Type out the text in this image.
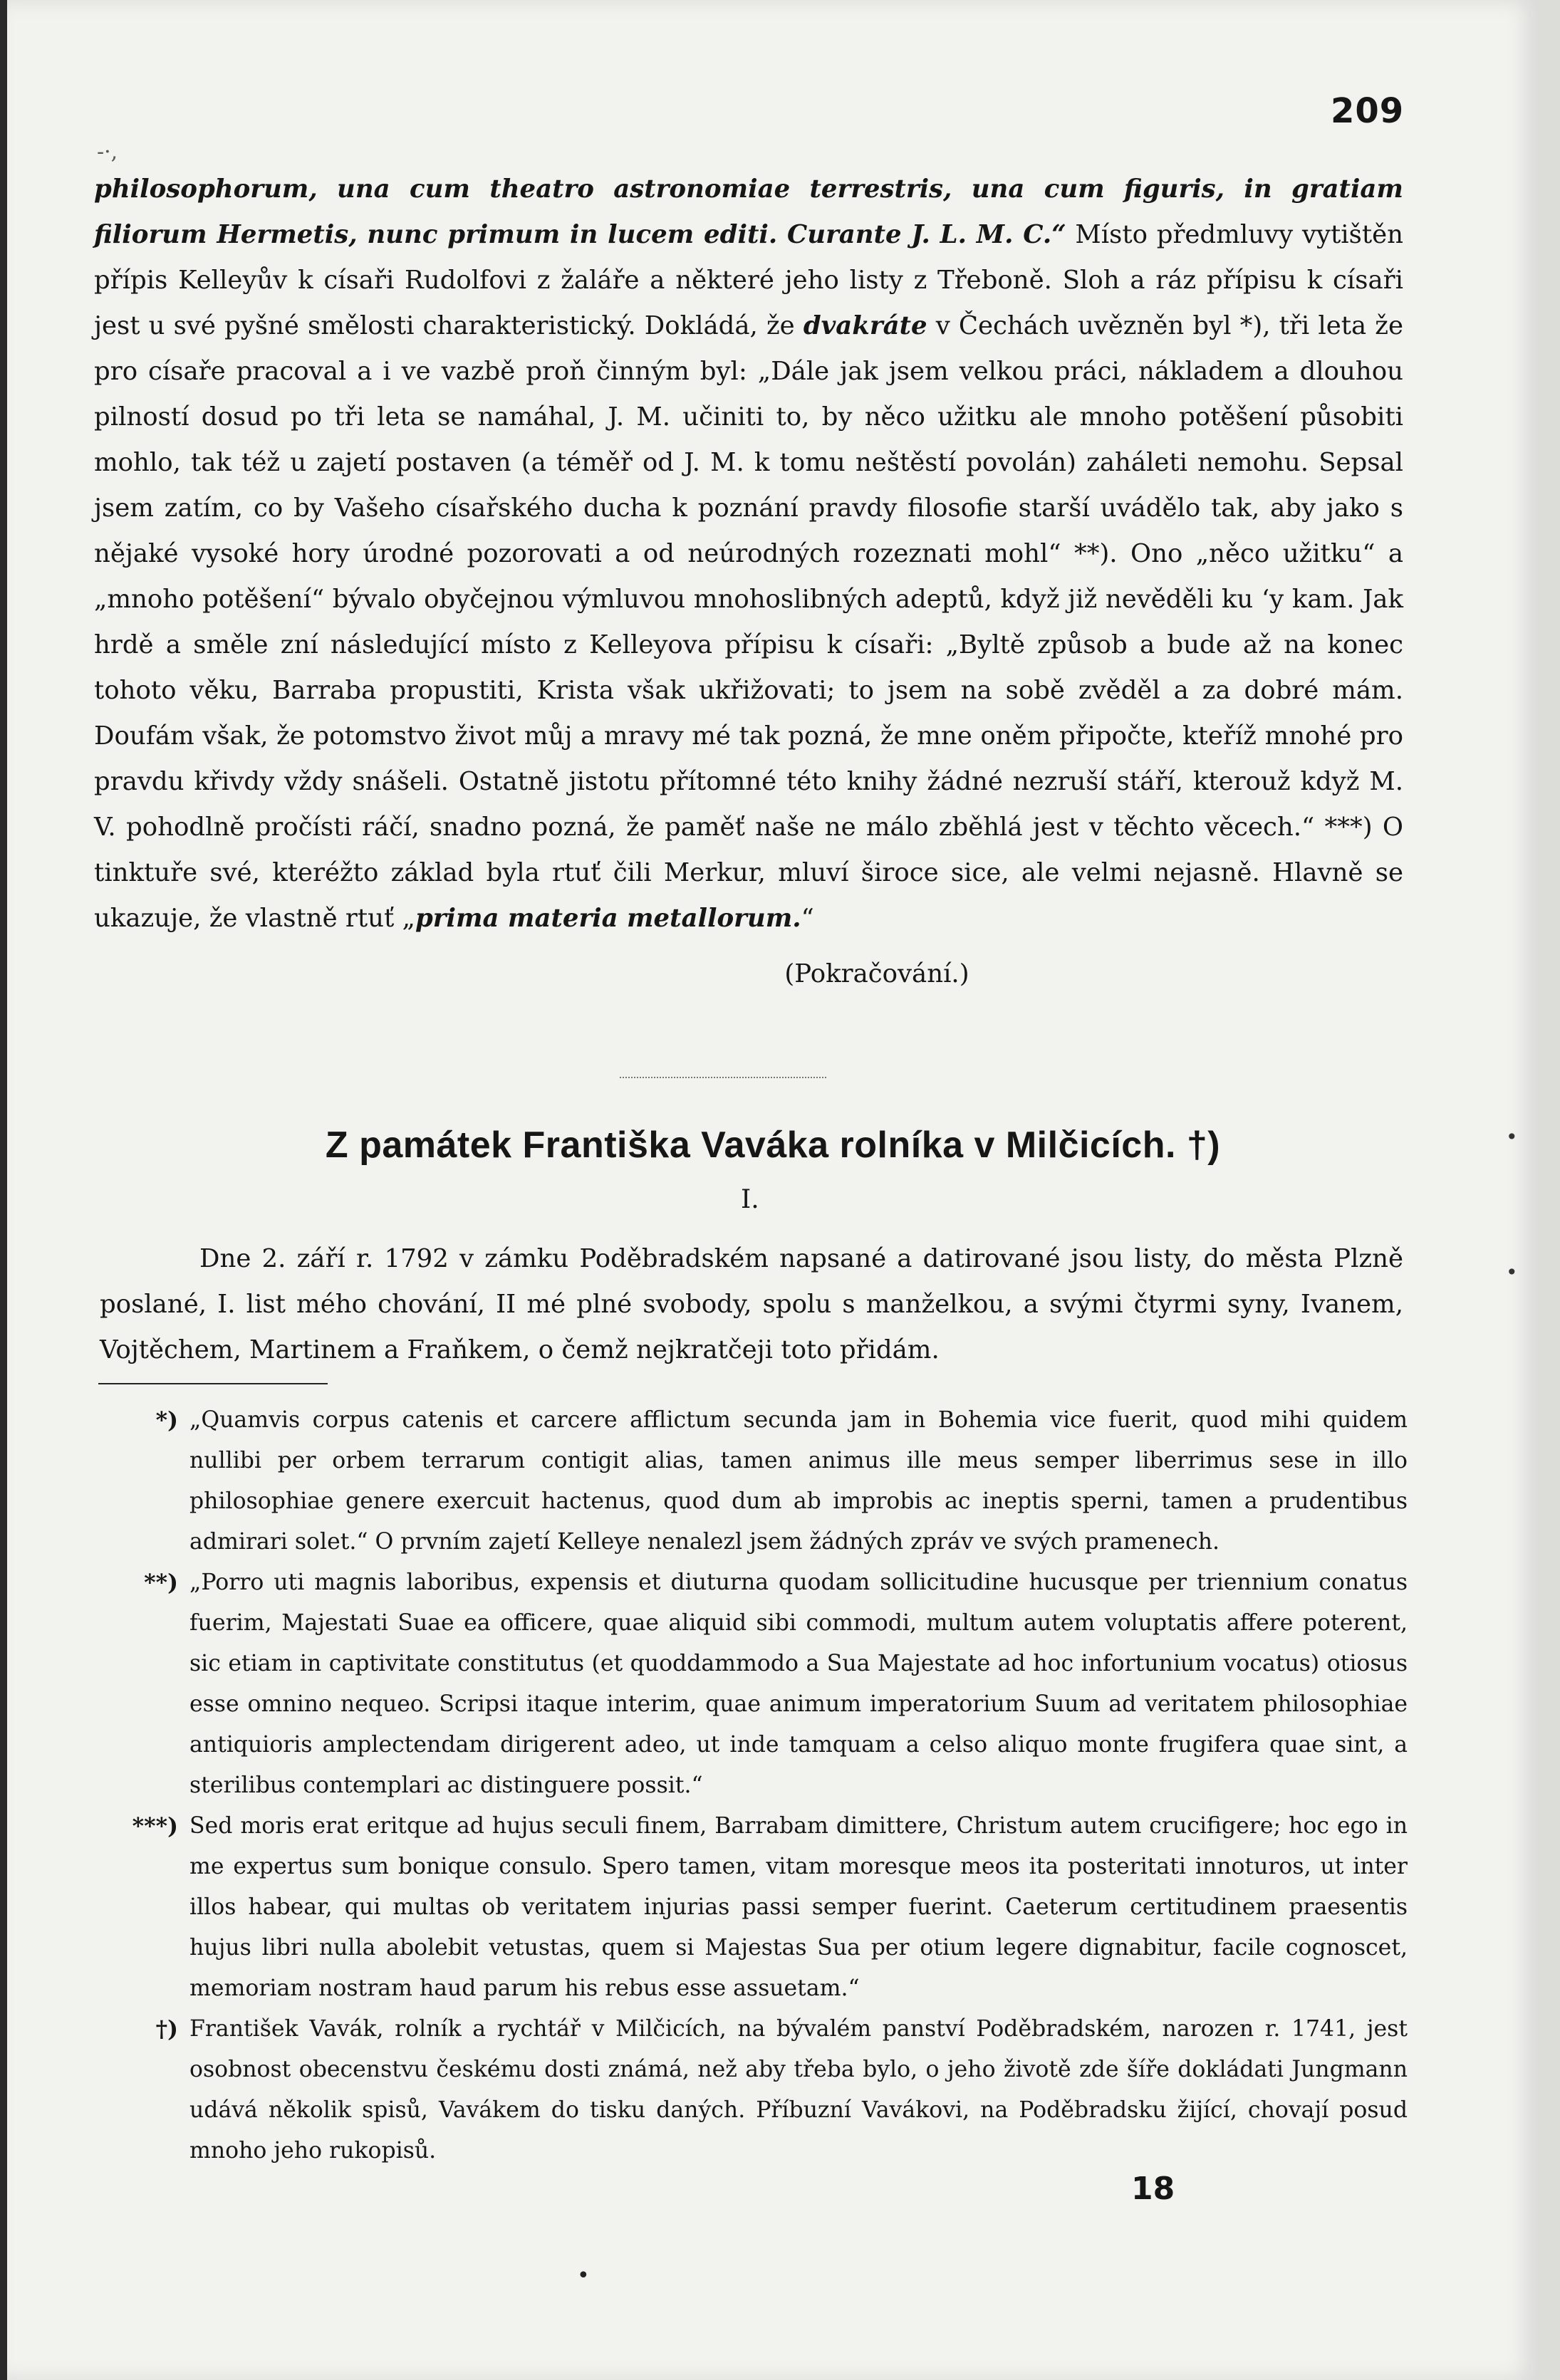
209
-·,

philosophorum, una cum theatro astronomiae terrestris, una cum figuris, in gratiam filiorum Hermetis, nunc primum in lucem editi. Curante J. L. M. C.“ Místo předmluvy vytištěn přípis Kelleyův k císaři Rudolfovi z žaláře a některé jeho listy z Třeboně. Sloh a ráz přípisu k císaři jest u své pyšné smělosti charakteristický. Dokládá, že dvakráte v Čechách uvězněn byl *), tři leta že pro císaře pracoval a i ve vazbě proň činným byl: „Dále jak jsem velkou práci, nákladem a dlouhou pilností dosud po tři leta se namáhal, J. M. učiniti to, by něco užitku ale mnoho potěšení působiti mohlo, tak též u zajetí postaven (a téměř od J. M. k tomu neštěstí povolán) zaháleti nemohu. Sepsal jsem zatím, co by Vašeho císařského ducha k poznání pravdy filosofie starší uvádělo tak, aby jako s nějaké vysoké hory úrodné pozorovati a od neúrodných rozeznati mohl“ **). Ono „něco užitku“ a „mnoho potěšení“ bývalo obyčejnou výmluvou mnohoslibných adeptů, když již nevěděli ku ‘y kam. Jak hrdě a směle zní následující místo z Kelleyova přípisu k císaři: „Byltě způsob a bude až na konec tohoto věku, Barraba propustiti, Krista však ukřižovati; to jsem na sobě zvěděl a za dobré mám. Doufám však, že potomstvo život můj a mravy mé tak pozná, že mne oněm připočte, kteříž mnohé pro pravdu křivdy vždy snášeli. Ostatně jistotu přítomné této knihy žádné nezruší stáří, kterouž když M. V. pohodlně pročísti ráčí, snadno pozná, že paměť naše ne málo zběhlá jest v těchto věcech.“ ***) O tinktuře své, kteréžto základ byla rtuť čili Merkur, mluví široce sice, ale velmi nejasně. Hlavně se ukazuje, že vlastně rtuť „prima materia metallorum.“

(Pokračování.)

Z památek Františka Vaváka rolníka v Milčicích. †)
I.

Dne 2. září r. 1792 v zámku Poděbradském napsané a datirované jsou listy, do města Plzně poslané, I. list mého chování, II mé plné svobody, spolu s manželkou, a svými čtyrmi syny, Ivanem, Vojtěchem, Martinem a Fraňkem, o čemž nejkratčeji toto přidám.

*) „Quamvis corpus catenis et carcere afflictum secunda jam in Bohemia vice fuerit, quod mihi quidem nullibi per orbem terrarum contigit alias, tamen animus ille meus semper liberrimus sese in illo philosophiae genere exercuit hactenus, quod dum ab improbis ac ineptis sperni, tamen a prudentibus admirari solet.“ O prvním zajetí Kelleye nenalezl jsem žádných zpráv ve svých pramenech.
**) „Porro uti magnis laboribus, expensis et diuturna quodam sollicitudine hucusque per triennium conatus fuerim, Majestati Suae ea officere, quae aliquid sibi commodi, multum autem voluptatis affere poterent, sic etiam in captivitate constitutus (et quoddammodo a Sua Majestate ad hoc infortunium vocatus) otiosus esse omnino nequeo. Scripsi itaque interim, quae animum imperatorium Suum ad veritatem philosophiae antiquioris amplectendam dirigerent adeo, ut inde tamquam a celso aliquo monte frugifera quae sint, a sterilibus contemplari ac distinguere possit.“
***) Sed moris erat eritque ad hujus seculi finem, Barrabam dimittere, Christum autem crucifigere; hoc ego in me expertus sum bonique consulo. Spero tamen, vitam moresque meos ita posteritati innoturos, ut inter illos habear, qui multas ob veritatem injurias passi semper fuerint. Caeterum certitudinem praesentis hujus libri nulla abolebit vetustas, quem si Majestas Sua per otium legere dignabitur, facile cognoscet, memoriam nostram haud parum his rebus esse assuetam.“
†) František Vavák, rolník a rychtář v Milčicích, na bývalém panství Poděbradském, narozen r. 1741, jest osobnost obecenstvu českému dosti známá, než aby třeba bylo, o jeho životě zde šíře dokládati Jungmann udává několik spisů, Vavákem do tisku daných. Příbuzní Vavákovi, na Poděbradsku žijící, chovají posud mnoho jeho rukopisů.
18
•
•
•
